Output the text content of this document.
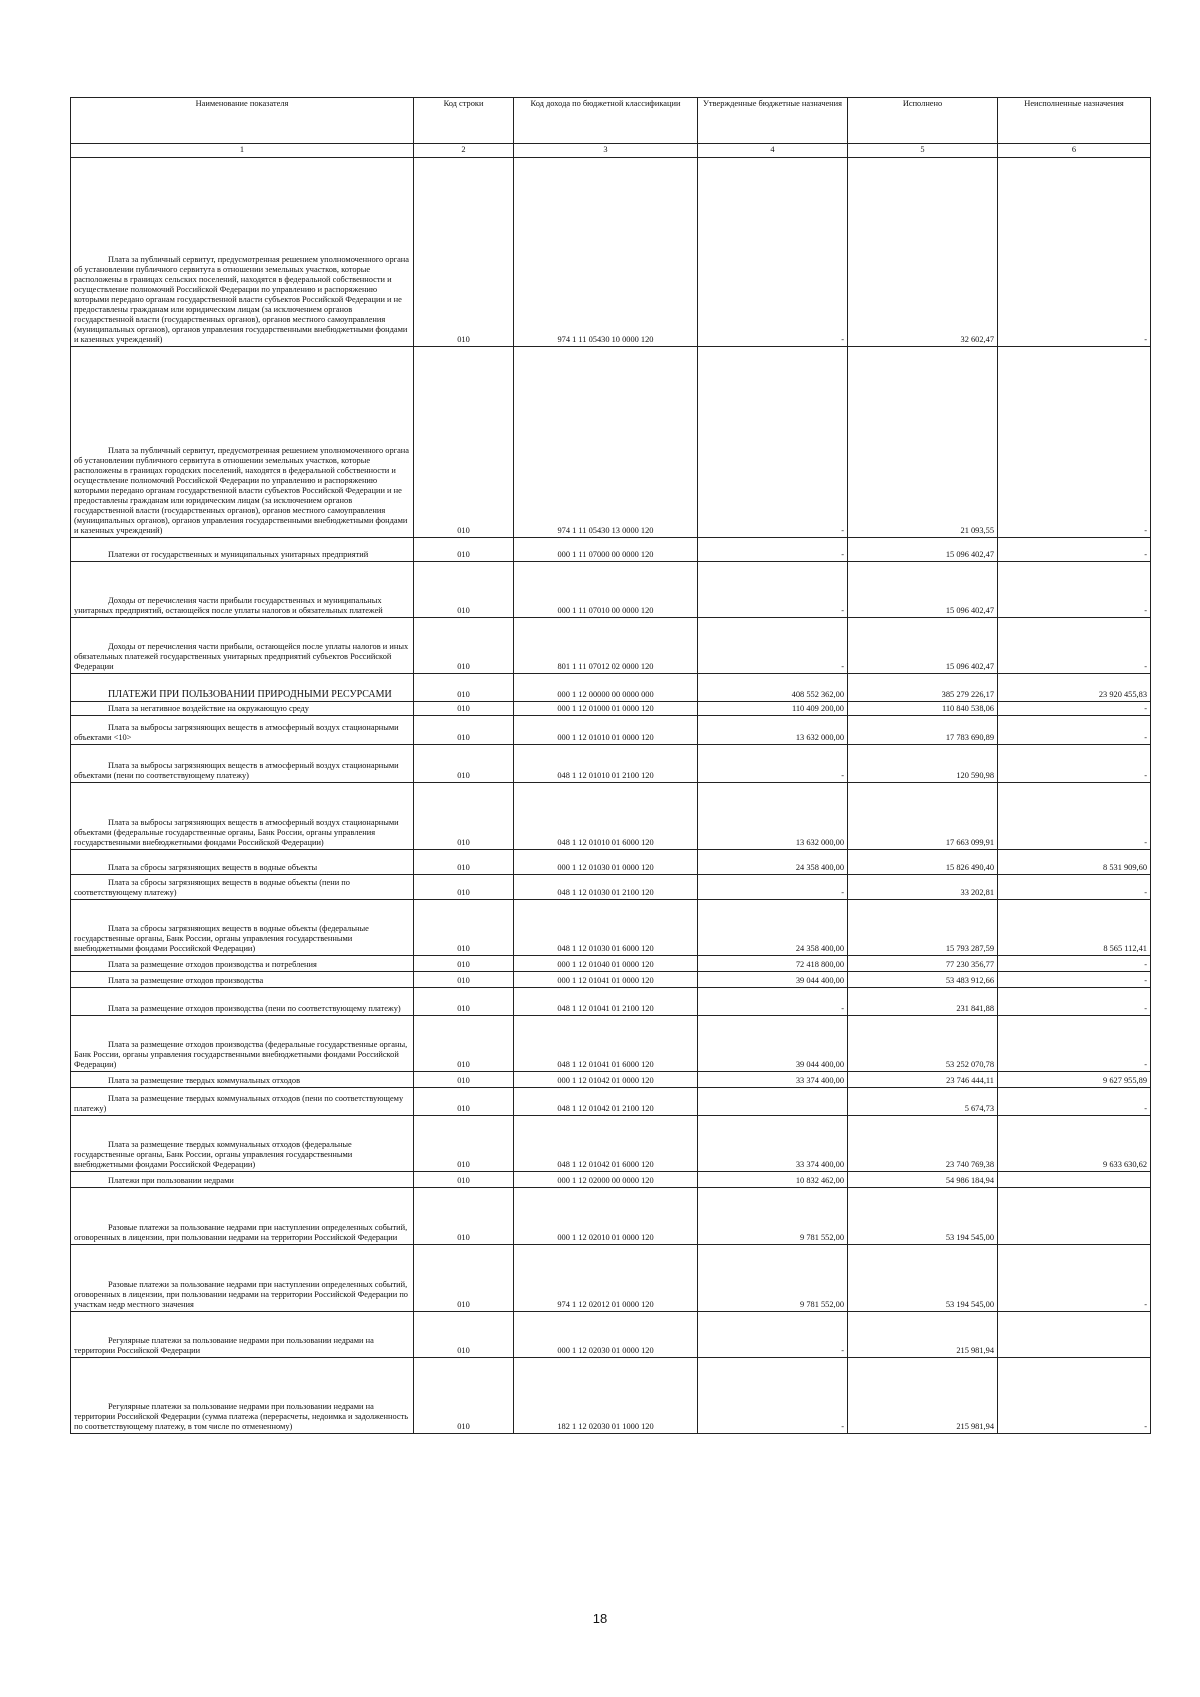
Наименование показателя	Код строки	Код дохода по бюджетной классификации	Утвержденные бюджетные назначения	Исполнено	Неисполненные назначения
1	2	3	4	5	6

Плата за публичный сервитут, предусмотренная решением уполномоченного органа об установлении публичного сервитута в отношении земельных участков, которые расположены в границах сельских поселений, находятся в федеральной собственности и осуществление полномочий Российской Федерации по управлению и распоряжению которыми передано органам государственной власти субъектов Российской Федерации и не предоставлены гражданам или юридическим лицам (за исключением органов государственной власти (государственных органов), органов местного самоуправления (муниципальных органов), органов управления государственными внебюджетными фондами и казенных учреждений)	010	974 1 11 05430 10 0000 120	-	32 602,47	-

Плата за публичный сервитут, предусмотренная решением уполномоченного органа об установлении публичного сервитута в отношении земельных участков, которые расположены в границах городских поселений, находятся в федеральной собственности и осуществление полномочий Российской Федерации по управлению и распоряжению которыми передано органам государственной власти субъектов Российской Федерации и не предоставлены гражданам или юридическим лицам (за исключением органов государственной власти (государственных органов), органов местного самоуправления (муниципальных органов), органов управления государственными внебюджетными фондами и казенных учреждений)	010	974 1 11 05430 13 0000 120	-	21 093,55	-

Платежи от государственных и муниципальных унитарных предприятий	010	000 1 11 07000 00 0000 120	-	15 096 402,47	-

Доходы от перечисления части прибыли государственных и муниципальных унитарных предприятий, остающейся после уплаты налогов и обязательных платежей	010	000 1 11 07010 00 0000 120	-	15 096 402,47	-

Доходы от перечисления части прибыли, остающейся после уплаты налогов и иных обязательных платежей государственных унитарных предприятий субъектов Российской Федерации	010	801 1 11 07012 02 0000 120	-	15 096 402,47	-

ПЛАТЕЖИ ПРИ ПОЛЬЗОВАНИИ ПРИРОДНЫМИ РЕСУРСАМИ	010	000 1 12 00000 00 0000 000	408 552 362,00	385 279 226,17	23 920 455,83

Плата за негативное воздействие на окружающую среду	010	000 1 12 01000 01 0000 120	110 409 200,00	110 840 538,06	-

Плата за выбросы загрязняющих веществ в атмосферный воздух стационарными объектами <10>	010	000 1 12 01010 01 0000 120	13 632 000,00	17 783 690,89	-

Плата за выбросы загрязняющих веществ в атмосферный воздух стационарными объектами (пени по соответствующему платежу)	010	048 1 12 01010 01 2100 120	-	120 590,98	-

Плата за выбросы загрязняющих веществ в атмосферный воздух стационарными объектами (федеральные государственные органы, Банк России, органы управления государственными внебюджетными фондами Российской Федерации)	010	048 1 12 01010 01 6000 120	13 632 000,00	17 663 099,91	-

Плата за сбросы загрязняющих веществ в водные объекты	010	000 1 12 01030 01 0000 120	24 358 400,00	15 826 490,40	8 531 909,60

Плата за сбросы загрязняющих веществ в водные объекты (пени по соответствующему платежу)	010	048 1 12 01030 01 2100 120	-	33 202,81	-

Плата за сбросы загрязняющих веществ в водные объекты (федеральные государственные органы, Банк России, органы управления государственными внебюджетными фондами Российской Федерации)	010	048 1 12 01030 01 6000 120	24 358 400,00	15 793 287,59	8 565 112,41

Плата за размещение отходов производства и потребления	010	000 1 12 01040 01 0000 120	72 418 800,00	77 230 356,77	-

Плата за размещение отходов производства	010	000 1 12 01041 01 0000 120	39 044 400,00	53 483 912,66	-

Плата за размещение отходов производства (пени по соответствующему платежу)	010	048 1 12 01041 01 2100 120	-	231 841,88	-

Плата за размещение отходов производства (федеральные государственные органы, Банк России, органы управления государственными внебюджетными фондами Российской Федерации)	010	048 1 12 01041 01 6000 120	39 044 400,00	53 252 070,78	-

Плата за размещение твердых коммунальных отходов	010	000 1 12 01042 01 0000 120	33 374 400,00	23 746 444,11	9 627 955,89

Плата за размещение твердых коммунальных отходов (пени по соответствующему платежу)	010	048 1 12 01042 01 2100 120		5 674,73	-

Плата за размещение твердых коммунальных отходов (федеральные государственные органы, Банк России, органы управления государственными внебюджетными фондами Российской Федерации)	010	048 1 12 01042 01 6000 120	33 374 400,00	23 740 769,38	9 633 630,62

Платежи при пользовании недрами	010	000 1 12 02000 00 0000 120	10 832 462,00	54 986 184,94	

Разовые платежи за пользование недрами при наступлении определенных событий, оговоренных в лицензии, при пользовании недрами на территории Российской Федерации	010	000 1 12 02010 01 0000 120	9 781 552,00	53 194 545,00	

Разовые платежи за пользование недрами при наступлении определенных событий, оговоренных в лицензии, при пользовании недрами на территории Российской Федерации по участкам недр местного значения	010	974 1 12 02012 01 0000 120	9 781 552,00	53 194 545,00	-

Регулярные платежи за пользование недрами при пользовании недрами на территории Российской Федерации	010	000 1 12 02030 01 0000 120	-	215 981,94	

Регулярные платежи за пользование недрами при пользовании недрами на территории Российской Федерации (сумма платежа (перерасчеты, недоимка и задолженность по соответствующему платежу, в том числе по отмененному)	010	182 1 12 02030 01 1000 120	-	215 981,94	-
18
